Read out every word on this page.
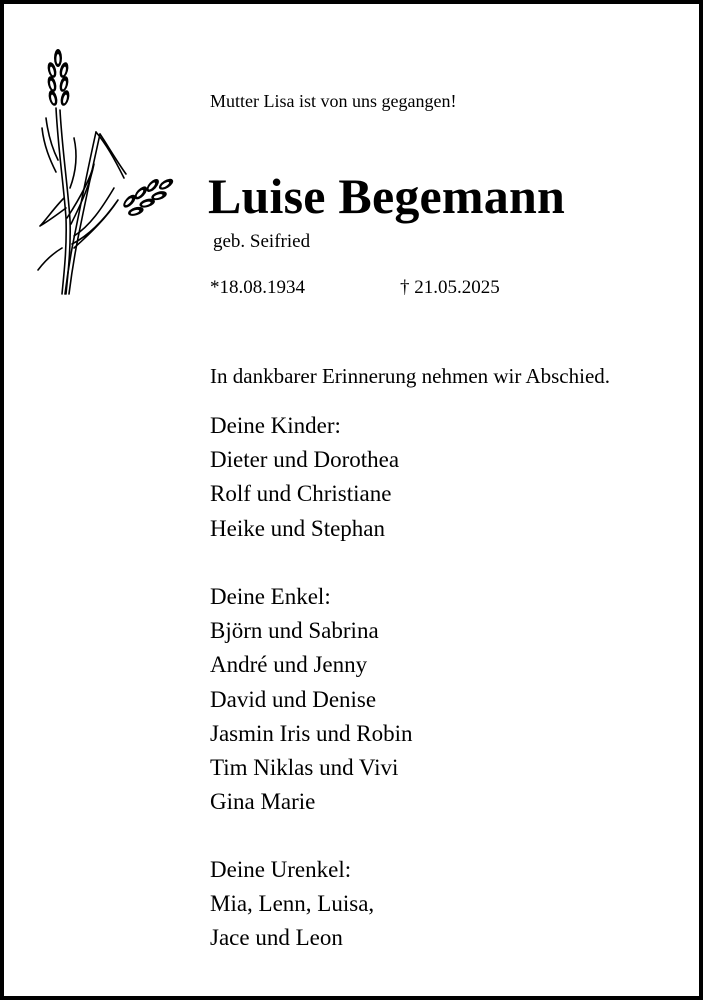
Mutter Lisa ist von uns gegangen!
Luise Begemann
geb. Seifried
*18.08.1934	† 21.05.2025
In dankbarer Erinnerung nehmen wir Abschied.
Deine Kinder:
Dieter und Dorothea
Rolf und Christiane
Heike und Stephan
Deine Enkel:
Björn und Sabrina
André und Jenny
David und Denise
Jasmin Iris und Robin
Tim Niklas und Vivi
Gina Marie
Deine Urenkel:
Mia, Lenn, Luisa,
Jace und Leon
